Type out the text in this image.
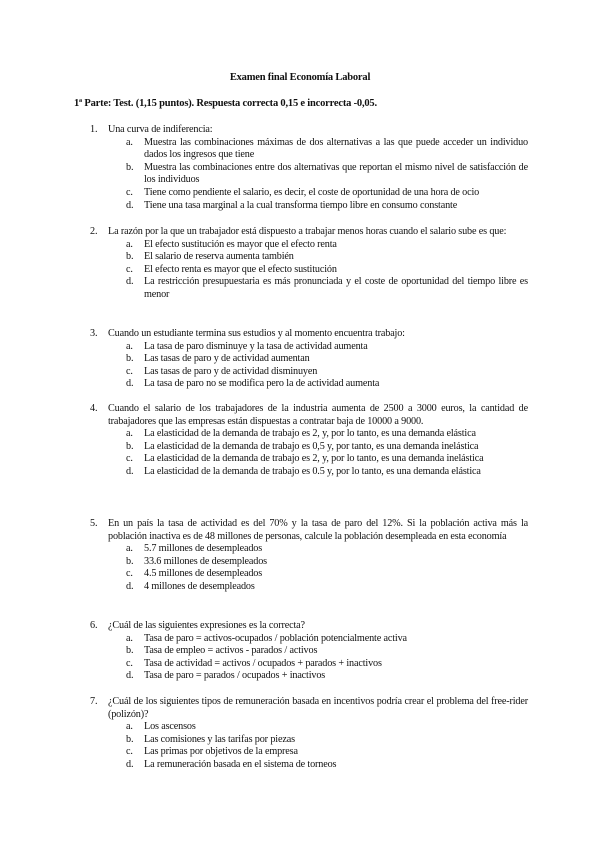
Examen final Economía Laboral
1ª Parte: Test. (1,15 puntos). Respuesta correcta 0,15 e incorrecta -0,05.
1. Una curva de indiferencia:
a. Muestra las combinaciones máximas de dos alternativas a las que puede acceder un individuo dados los ingresos que tiene
b. Muestra las combinaciones entre dos alternativas que reportan el mismo nivel de satisfacción de los individuos
c. Tiene como pendiente el salario, es decir, el coste de oportunidad de una hora de ocio
d. Tiene una tasa marginal a la cual transforma tiempo libre en consumo constante
2. La razón por la que un trabajador está dispuesto a trabajar menos horas cuando el salario sube es que:
a. El efecto sustitución es mayor que el efecto renta
b. El salario de reserva aumenta también
c. El efecto renta es mayor que el efecto sustitución
d. La restricción presupuestaria es más pronunciada y el coste de oportunidad del tiempo libre es menor
3. Cuando un estudiante termina sus estudios y al momento encuentra trabajo:
a. La tasa de paro disminuye y la tasa de actividad aumenta
b. Las tasas de paro y de actividad aumentan
c. Las tasas de paro y de actividad disminuyen
d. La tasa de paro no se modifica pero la de actividad aumenta
4. Cuando el salario de los trabajadores de la industria aumenta de 2500 a 3000 euros, la cantidad de trabajadores que las empresas están dispuestas a contratar baja de 10000 a 9000.
a. La elasticidad de la demanda de trabajo es 2, y, por lo tanto, es una demanda elástica
b. La elasticidad de la demanda de trabajo es 0,5 y, por tanto, es una demanda inelástica
c. La elasticidad de la demanda de trabajo es 2, y, por lo tanto, es una demanda inelástica
d. La elasticidad de la demanda de trabajo es 0.5 y, por lo tanto, es una demanda elástica
5. En un país la tasa de actividad es del 70% y la tasa de paro del 12%. Si la población activa más la población inactiva es de 48 millones de personas, calcule la población desempleada en esta economía
a. 5.7 millones de desempleados
b. 33.6 millones de desempleados
c. 4.5 millones de desempleados
d. 4 millones de desempleados
6. ¿Cuál de las siguientes expresiones es la correcta?
a. Tasa de paro = activos-ocupados / población potencialmente activa
b. Tasa de empleo = activos - parados / activos
c. Tasa de actividad = activos / ocupados + parados + inactivos
d. Tasa de paro = parados / ocupados + inactivos
7. ¿Cuál de los siguientes tipos de remuneración basada en incentivos podría crear el problema del free-rider (polizón)?
a. Los ascensos
b. Las comisiones y las tarifas por piezas
c. Las primas por objetivos de la empresa
d. La remuneración basada en el sistema de torneos
